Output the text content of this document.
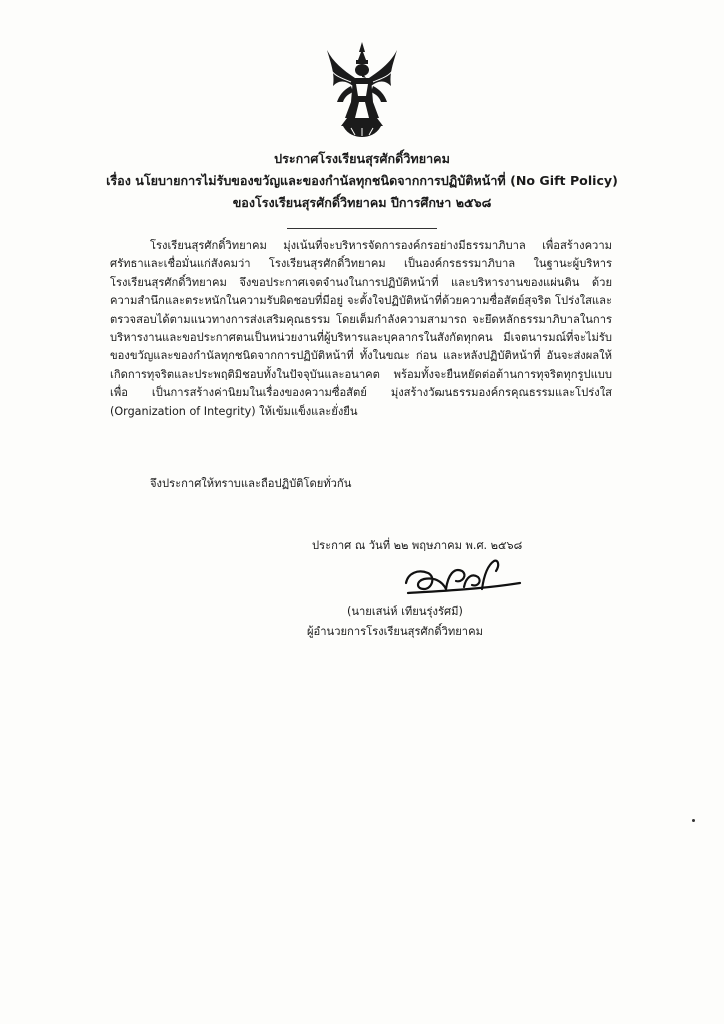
ประกาศโรงเรียนสุรศักดิ์วิทยาคม
เรื่อง นโยบายการไม่รับของขวัญและของกำนัลทุกชนิดจากการปฏิบัติหน้าที่ (No Gift Policy)
ของโรงเรียนสุรศักดิ์วิทยาคม ปีการศึกษา ๒๕๖๘

โรงเรียนสุรศักดิ์วิทยาคม มุ่งเน้นที่จะบริหารจัดการองค์กรอย่างมีธรรมาภิบาล เพื่อสร้างความศรัทธาและเชื่อมั่นแก่สังคมว่า โรงเรียนสุรศักดิ์วิทยาคม เป็นองค์กรธรรมาภิบาล ในฐานะผู้บริหาร โรงเรียนสุรศักดิ์วิทยาคม จึงขอประกาศเจตจำนงในการปฏิบัติหน้าที่ และบริหารงานของแผ่นดิน ด้วยความสำนึกและตระหนักในความรับผิดชอบที่มีอยู่ จะตั้งใจปฏิบัติหน้าที่ด้วยความซื่อสัตย์สุจริต โปร่งใสและตรวจสอบได้ตามแนวทางการส่งเสริมคุณธรรม โดยเต็มกำลังความสามารถ จะยึดหลักธรรมาภิบาลในการบริหารงานและขอประกาศตนเป็นหน่วยงานที่ผู้บริหารและบุคลากรในสังกัดทุกคน มีเจตนารมณ์ที่จะไม่รับของขวัญและของกำนัลทุกชนิดจากการปฏิบัติหน้าที่ ทั้งในขณะ ก่อน และหลังปฏิบัติหน้าที่ อันจะส่งผลให้เกิดการทุจริตและประพฤติมิชอบทั้งในปัจจุบันและอนาคต พร้อมทั้งจะยืนหยัดต่อต้านการทุจริตทุกรูปแบบ เพื่อ เป็นการสร้างค่านิยมในเรื่องของความซื่อสัตย์ มุ่งสร้างวัฒนธรรมองค์กรคุณธรรมและโปร่งใส (Organization of Integrity) ให้เข้มแข็งและยั่งยืน

จึงประกาศให้ทราบและถือปฏิบัติโดยทั่วกัน
ประกาศ ณ วันที่ ๒๒ พฤษภาคม พ.ศ. ๒๕๖๘
(นายเสน่ห์ เทียนรุ่งรัศมี)
ผู้อำนวยการโรงเรียนสุรศักดิ์วิทยาคม
